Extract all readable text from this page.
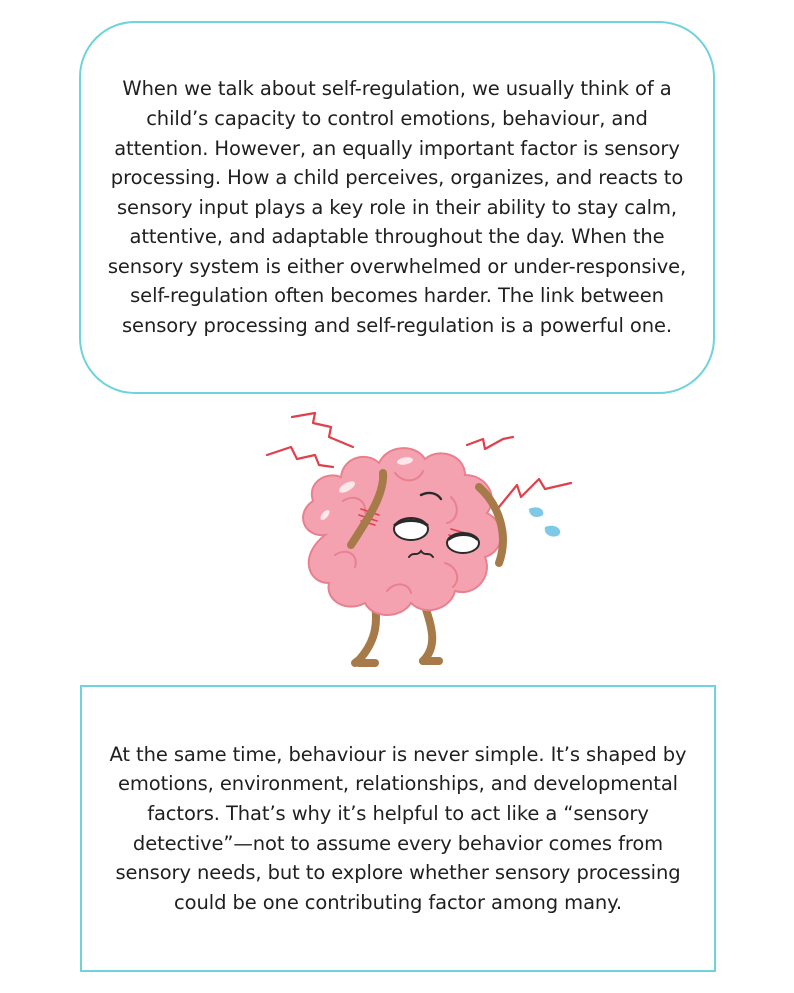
When we talk about self-regulation, we usually think of a child’s capacity to control emotions, behaviour, and attention. However, an equally important factor is sensory processing. How a child perceives, organizes, and reacts to sensory input plays a key role in their ability to stay calm, attentive, and adaptable throughout the day. When the sensory system is either overwhelmed or under-responsive, self-regulation often becomes harder. The link between sensory processing and self-regulation is a powerful one.

At the same time, behaviour is never simple. It’s shaped by emotions, environment, relationships, and developmental factors. That’s why it’s helpful to act like a “sensory detective”—not to assume every behavior comes from sensory needs, but to explore whether sensory processing could be one contributing factor among many.
